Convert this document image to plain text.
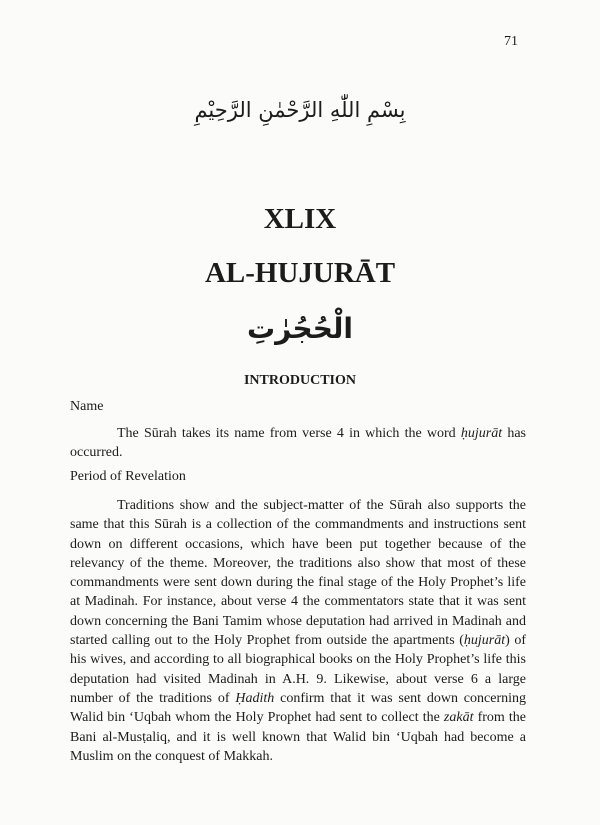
71
بِسْمِ اللّٰهِ الرَّحْمٰنِ الرَّحِيْمِ
XLIX
AL-HUJURĀT
الْحُجُرٰتِ
INTRODUCTION
Name

The Sūrah takes its name from verse 4 in which the word ḥujurāt has occurred.

Period of Revelation

Traditions show and the subject-matter of the Sūrah also supports the same that this Sūrah is a collection of the commandments and instructions sent down on different occasions, which have been put together because of the relevancy of the theme. Moreover, the traditions also show that most of these commandments were sent down during the final stage of the Holy Prophet’s life at Madinah. For instance, about verse 4 the commentators state that it was sent down concerning the Bani Tamim whose deputation had arrived in Madinah and started calling out to the Holy Prophet from outside the apartments (ḥujurāt) of his wives, and according to all biographical books on the Holy Prophet’s life this deputation had visited Madinah in A.H. 9. Likewise, about verse 6 a large number of the traditions of Ḥadith confirm that it was sent down concerning Walid bin ‘Uqbah whom the Holy Prophet had sent to collect the zakāt from the Bani al-Musṭaliq, and it is well known that Walid bin ‘Uqbah had become a Muslim on the conquest of Makkah.
